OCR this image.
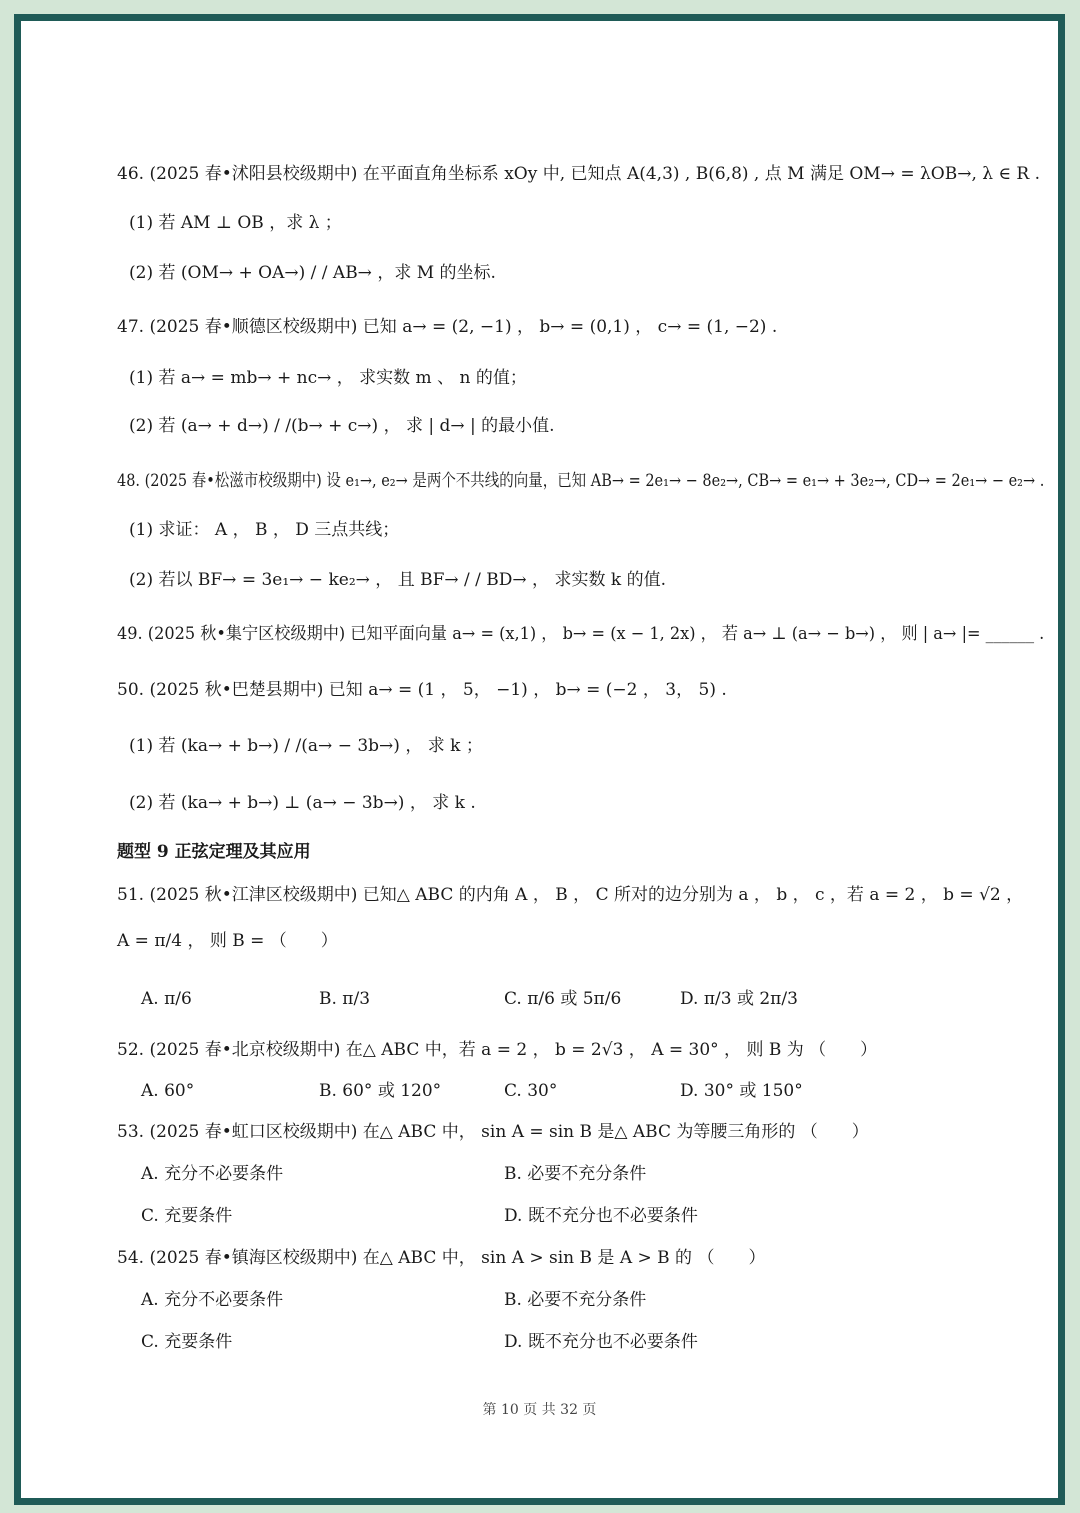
46. (2025 春•沭阳县校级期中) 在平面直角坐标系 xOy 中, 已知点 A(4,3) , B(6,8) , 点 M 满足 OM→ = λOB→, λ ∈ R .
(1) 若 AM ⊥ OB ，求 λ ；
(2) 若 (OM→ + OA→) / / AB→ ，求 M 的坐标.
47. (2025 春•顺德区校级期中) 已知 a→ = (2, −1) ， b→ = (0,1) ， c→ = (1, −2) .
(1) 若 a→ = mb→ + nc→ ， 求实数 m 、 n 的值；
(2) 若 (a→ + d→) / /(b→ + c→) ， 求 | d→ | 的最小值.
48. (2025 春•松滋市校级期中) 设 e₁→, e₂→ 是两个不共线的向量，已知 AB→ = 2e₁→ − 8e₂→, CB→ = e₁→ + 3e₂→, CD→ = 2e₁→ − e₂→ .
(1) 求证： A ， B ， D 三点共线；
(2) 若以 BF→ = 3e₁→ − ke₂→ ， 且 BF→ / / BD→ ， 求实数 k 的值.
49. (2025 秋•集宁区校级期中) 已知平面向量 a→ = (x,1) ， b→ = (x − 1, 2x) ， 若 a→ ⊥ (a→ − b→) ， 则 | a→ |= ______ .
50. (2025 秋•巴楚县期中) 已知 a→ = (1 ， 5， −1) ， b→ = (−2 ， 3， 5) .
(1) 若 (ka→ + b→) / /(a→ − 3b→) ， 求 k ；
(2) 若 (ka→ + b→) ⊥ (a→ − 3b→) ， 求 k .
题型 9 正弦定理及其应用
51. (2025 秋•江津区校级期中) 已知△ ABC 的内角 A ， B ， C 所对的边分别为 a ， b ， c ，若 a = 2 ， b = √2 ，
A = π/4 ， 则 B = （　　）
A. π/6	B. π/3	C. π/6 或 5π/6	D. π/3 或 2π/3
52. (2025 春•北京校级期中) 在△ ABC 中，若 a = 2 ， b = 2√3 ， A = 30° ， 则 B 为 （　　）
A. 60°	B. 60° 或 120°	C. 30°	D. 30° 或 150°
53. (2025 春•虹口区校级期中) 在△ ABC 中， sin A = sin B 是△ ABC 为等腰三角形的 （　　）
A. 充分不必要条件	B. 必要不充分条件
C. 充要条件	D. 既不充分也不必要条件
54. (2025 春•镇海区校级期中) 在△ ABC 中， sin A > sin B 是 A > B 的 （　　）
A. 充分不必要条件	B. 必要不充分条件
C. 充要条件	D. 既不充分也不必要条件
第 10 页 共 32 页
